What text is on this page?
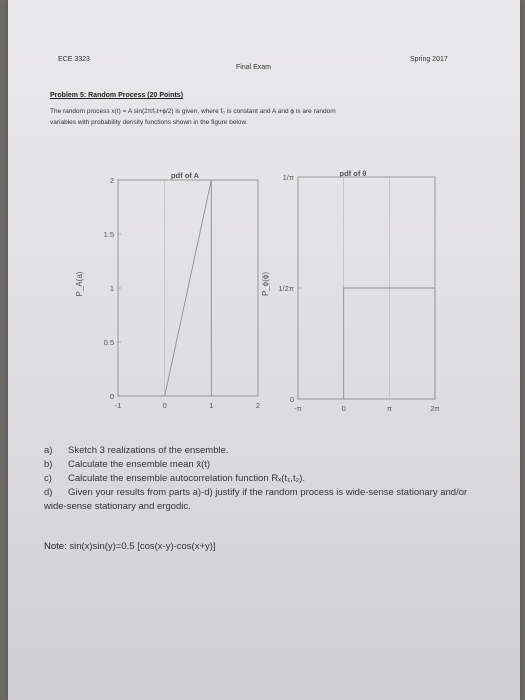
ECE 3323
Final Exam
Spring 2017
Problem 5: Random Process (20 Points)
The random process x(t) = A sin(2πf₀t+ϕ/2) is given, where f₀ is constant and A and ϕ is are random
variables with probability density functions shown in the figure below.
pdf of A
P_A(a)
-1	0	1	2
0
0.5
1
1.5
2
pdf of θ
P_ϕ(ϕ)
-π	0	π	2π
0
1/2π
1/π
a)	Sketch 3 realizations of the ensemble.
b)	Calculate the ensemble mean x̄(t)
c)	Calculate the ensemble autocorrelation function Rₓ(t₁,t₂).
d)	Given your results from parts a)-d) justify if the random process is wide-sense stationary and/or
wide-sense stationary and ergodic.
Note: sin(x)sin(y)=0.5 [cos(x-y)-cos(x+y)]
